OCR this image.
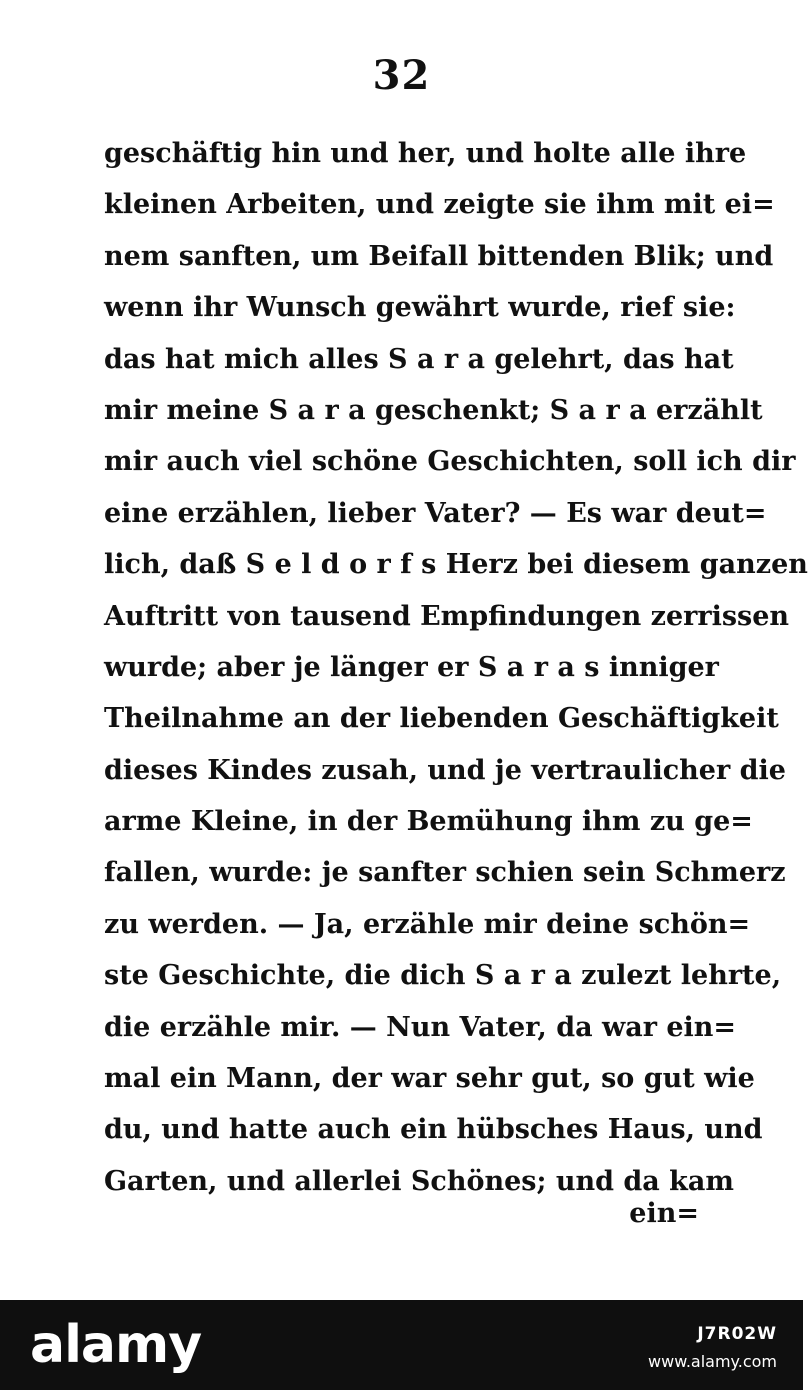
32
geschäftig hin und her, und holte alle ihre
kleinen Arbeiten, und zeigte sie ihm mit ei=
nem sanften, um Beifall bittenden Blik; und
wenn ihr Wunsch gewährt wurde, rief sie:
das hat mich alles S a r a gelehrt, das hat
mir meine S a r a geschenkt; S a r a erzählt
mir auch viel schöne Geschichten, soll ich dir
eine erzählen, lieber Vater? — Es war deut=
lich, daß S e l d o r f s Herz bei diesem ganzen
Auftritt von tausend Empfindungen zerrissen
wurde; aber je länger er S a r a s inniger
Theilnahme an der liebenden Geschäftigkeit
dieses Kindes zusah, und je vertraulicher die
arme Kleine, in der Bemühung ihm zu ge=
fallen, wurde: je sanfter schien sein Schmerz
zu werden. — Ja, erzähle mir deine schön=
ste Geschichte, die dich S a r a zulezt lehrte,
die erzähle mir. — Nun Vater, da war ein=
mal ein Mann, der war sehr gut, so gut wie
du, und hatte auch ein hübsches Haus, und
Garten, und allerlei Schönes; und da kam
ein=
alamy	J7R02W
www.alamy.com
